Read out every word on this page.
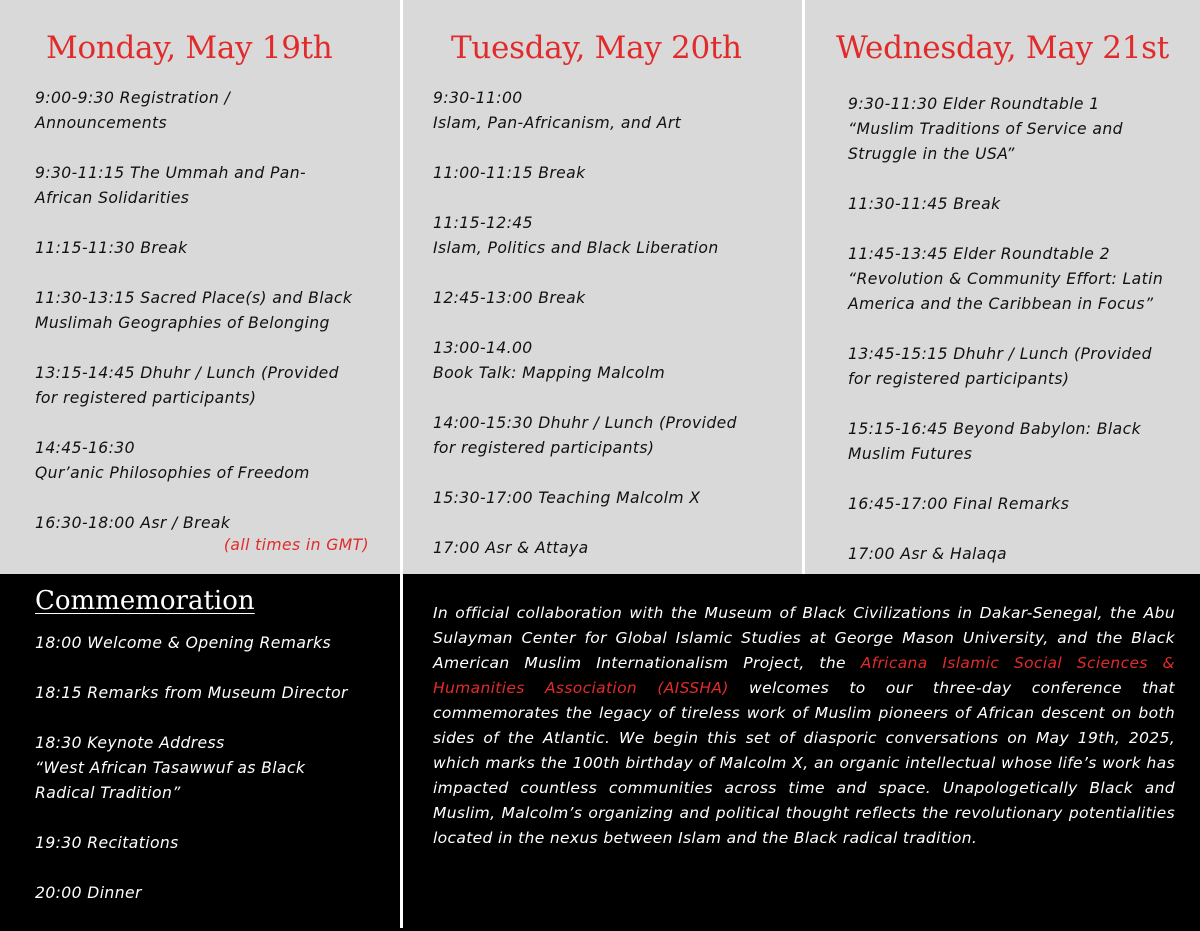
Monday, May 19th
9:00-9:30 Registration /
Announcements
9:30-11:15 The Ummah and Pan-
African Solidarities
11:15-11:30 Break
11:30-13:15 Sacred Place(s) and Black
Muslimah Geographies of Belonging
13:15-14:45 Dhuhr / Lunch (Provided
for registered participants)
14:45-16:30
Qur’anic Philosophies of Freedom
16:30-18:00 Asr / Break
(all times in GMT)
Tuesday, May 20th
9:30-11:00
Islam, Pan-Africanism, and Art
11:00-11:15 Break
11:15-12:45
Islam, Politics and Black Liberation
12:45-13:00 Break
13:00-14.00
Book Talk: Mapping Malcolm
14:00-15:30 Dhuhr / Lunch (Provided
for registered participants)
15:30-17:00 Teaching Malcolm X
17:00 Asr & Attaya
Wednesday, May 21st
9:30-11:30 Elder Roundtable 1
“Muslim Traditions of Service and
Struggle in the USA”
11:30-11:45 Break
11:45-13:45 Elder Roundtable 2
“Revolution & Community Effort: Latin
America and the Caribbean in Focus”
13:45-15:15 Dhuhr / Lunch (Provided
for registered participants)
15:15-16:45 Beyond Babylon: Black
Muslim Futures
16:45-17:00 Final Remarks
17:00 Asr & Halaqa
Commemoration
18:00 Welcome & Opening Remarks
18:15 Remarks from Museum Director
18:30 Keynote Address
“West African Tasawwuf as Black
Radical Tradition”
19:30 Recitations
20:00 Dinner

In official collaboration with the Museum of Black Civilizations in Dakar-Senegal, the Abu Sulayman Center for Global Islamic Studies at George Mason University, and the Black American Muslim Internationalism Project, the Africana Islamic Social Sciences & Humanities Association (AISSHA) welcomes to our three-day conference that commemorates the legacy of tireless work of Muslim pioneers of African descent on both sides of the Atlantic. We begin this set of diasporic conversations on May 19th, 2025, which marks the 100th birthday of Malcolm X, an organic intellectual whose life’s work has impacted countless communities across time and space. Unapologetically Black and Muslim, Malcolm’s organizing and political thought reflects the revolutionary potentialities located in the nexus between Islam and the Black radical tradition.
